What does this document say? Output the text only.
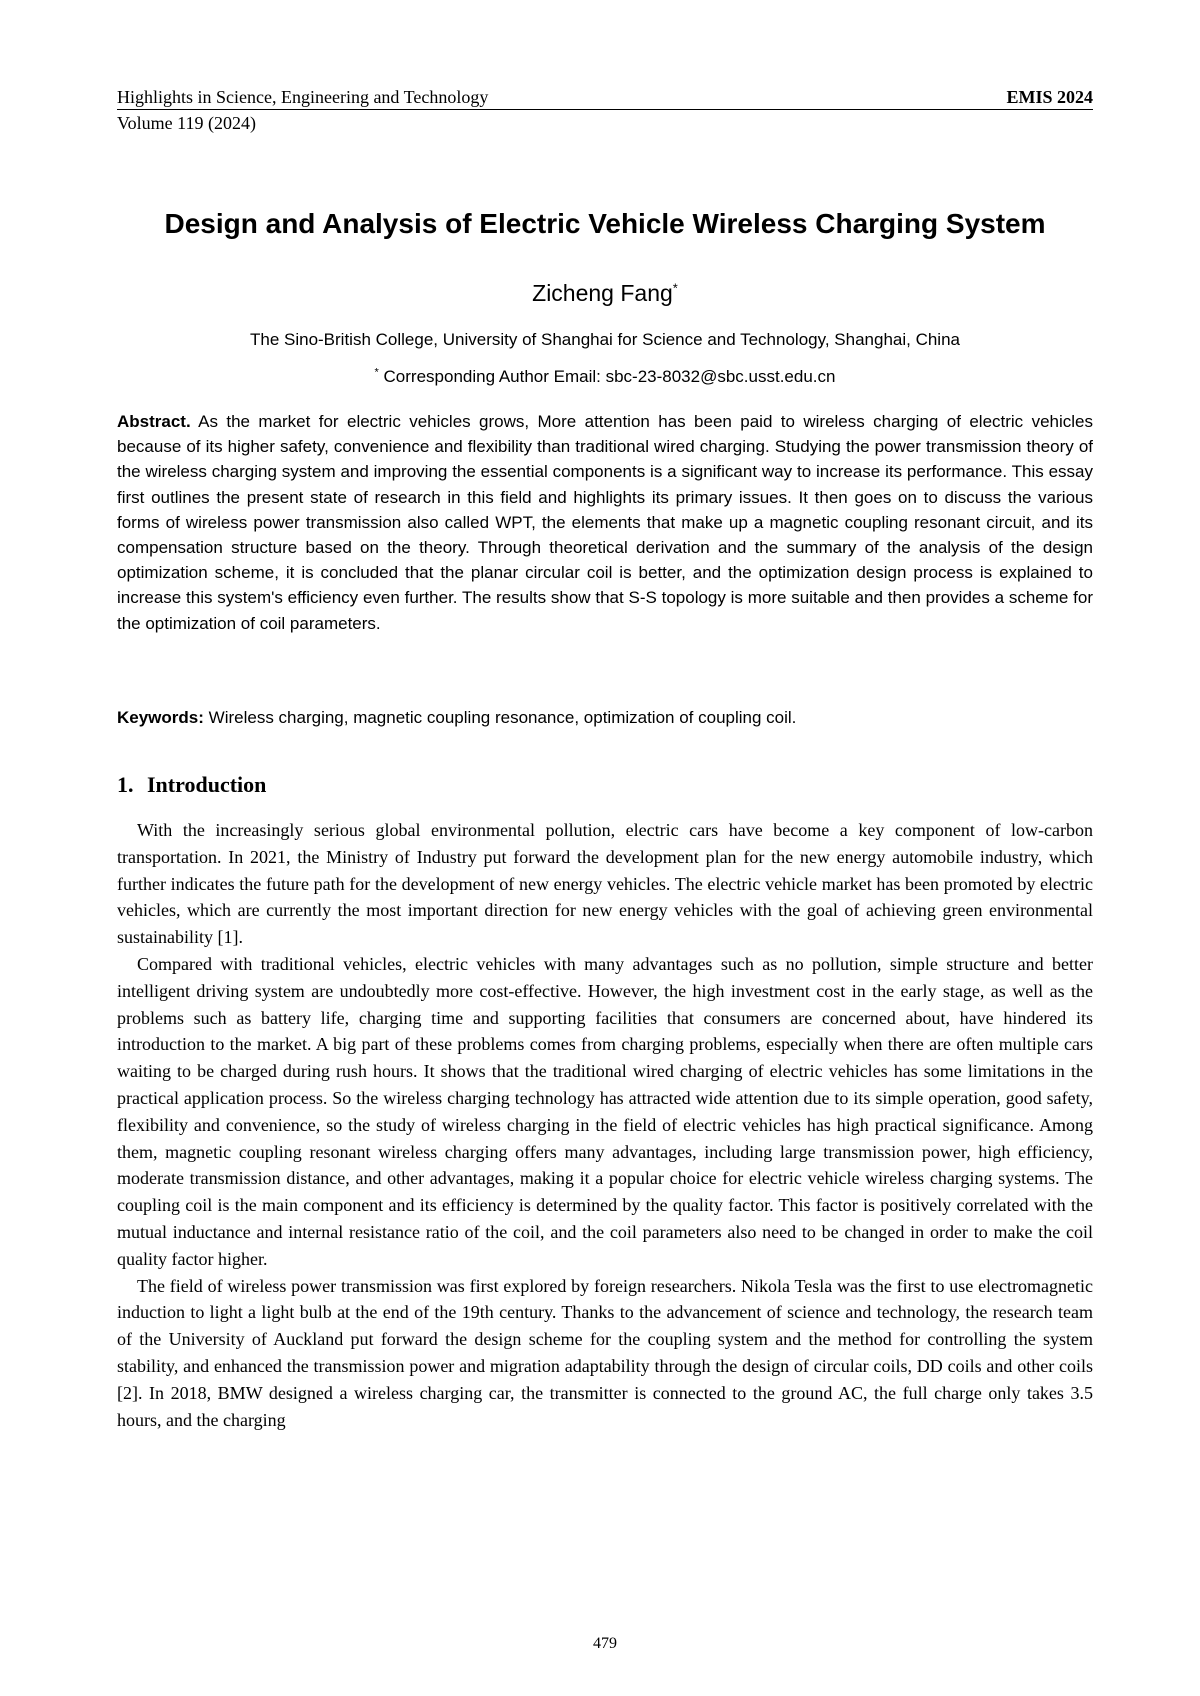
Highlights in Science, Engineering and Technology	EMIS 2024
Volume 119 (2024)
Design and Analysis of Electric Vehicle Wireless Charging System
Zicheng Fang*
The Sino-British College, University of Shanghai for Science and Technology, Shanghai, China
* Corresponding Author Email: sbc-23-8032@sbc.usst.edu.cn

Abstract. As the market for electric vehicles grows, More attention has been paid to wireless charging of electric vehicles because of its higher safety, convenience and flexibility than traditional wired charging. Studying the power transmission theory of the wireless charging system and improving the essential components is a significant way to increase its performance. This essay first outlines the present state of research in this field and highlights its primary issues. It then goes on to discuss the various forms of wireless power transmission also called WPT, the elements that make up a magnetic coupling resonant circuit, and its compensation structure based on the theory. Through theoretical derivation and the summary of the analysis of the design optimization scheme, it is concluded that the planar circular coil is better, and the optimization design process is explained to increase this system's efficiency even further. The results show that S-S topology is more suitable and then provides a scheme for the optimization of coil parameters.

Keywords: Wireless charging, magnetic coupling resonance, optimization of coupling coil.

1. Introduction

With the increasingly serious global environmental pollution, electric cars have become a key component of low-carbon transportation. In 2021, the Ministry of Industry put forward the development plan for the new energy automobile industry, which further indicates the future path for the development of new energy vehicles. The electric vehicle market has been promoted by electric vehicles, which are currently the most important direction for new energy vehicles with the goal of achieving green environmental sustainability [1].

Compared with traditional vehicles, electric vehicles with many advantages such as no pollution, simple structure and better intelligent driving system are undoubtedly more cost-effective. However, the high investment cost in the early stage, as well as the problems such as battery life, charging time and supporting facilities that consumers are concerned about, have hindered its introduction to the market. A big part of these problems comes from charging problems, especially when there are often multiple cars waiting to be charged during rush hours. It shows that the traditional wired charging of electric vehicles has some limitations in the practical application process. So the wireless charging technology has attracted wide attention due to its simple operation, good safety, flexibility and convenience, so the study of wireless charging in the field of electric vehicles has high practical significance. Among them, magnetic coupling resonant wireless charging offers many advantages, including large transmission power, high efficiency, moderate transmission distance, and other advantages, making it a popular choice for electric vehicle wireless charging systems. The coupling coil is the main component and its efficiency is determined by the quality factor. This factor is positively correlated with the mutual inductance and internal resistance ratio of the coil, and the coil parameters also need to be changed in order to make the coil quality factor higher.

The field of wireless power transmission was first explored by foreign researchers. Nikola Tesla was the first to use electromagnetic induction to light a light bulb at the end of the 19th century. Thanks to the advancement of science and technology, the research team of the University of Auckland put forward the design scheme for the coupling system and the method for controlling the system stability, and enhanced the transmission power and migration adaptability through the design of circular coils, DD coils and other coils [2]. In 2018, BMW designed a wireless charging car, the transmitter is connected to the ground AC, the full charge only takes 3.5 hours, and the charging

479
